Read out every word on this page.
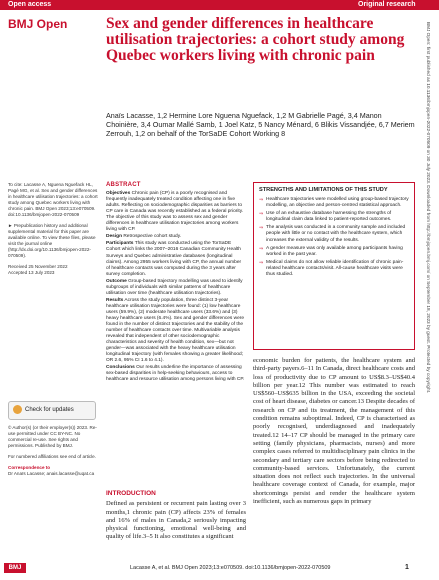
Open access	Original research
BMJ Open Sex and gender differences in healthcare utilisation trajectories: a cohort study among Quebec workers living with chronic pain
Anaïs Lacasse, 1,2 Hermine Lore Nguena Nguefack, 1,2 M Gabrielle Pagé, 3,4 Manon Choinière, 3,4 Oumar Mallé Samb, 1 Joel Katz, 5 Nancy Ménard, 6 Blikis Vissandjée, 6,7 Meriem Zerrouh, 1,2 on behalf of the TorSaDE Cohort Working 8

To cite: Lacasse A, Nguena Nguefack HL, Pagé MG, et al. Sex and gender differences in healthcare utilisation trajectories: a cohort study among Quebec workers living with chronic pain. BMJ Open 2023;13:e070509. doi:10.1136/bmjopen-2022-070509

► Prepublication history and additional supplemental material for this paper are available online. To view these files, please visit the journal online (http://dx.doi.org/10.1136/bmjopen-2022-070509).

Received 25 November 2022
Accepted 13 July 2023

Check for updates

© Author(s) (or their employer(s)) 2023. Re-use permitted under CC BY-NC. No commercial re-use. See rights and permissions. Published by BMJ.

For numbered affiliations see end of article.

Correspondence to

Dr Anaïs Lacasse; anais.lacasse@uqat.ca

ABSTRACT

Objectives Chronic pain (CP) is a poorly recognised and frequently inadequately treated condition affecting one in five adults. Reflecting on sociodemographic disparities as barriers to CP care in Canada was recently established as a federal priority. The objective of this study was to assess sex and gender differences in healthcare utilisation trajectories among workers living with CP.

Design Retrospective cohort study.

Participants This study was conducted using the TorSaDE Cohort which links the 2007–2016 Canadian Community Health Surveys and Quebec administrative databases (longitudinal claims). Among 2955 workers living with CP, the annual number of healthcare contacts was computed during the 3 years after survey completion.

Outcome Group-based trajectory modelling was used to identify subgroups of individuals with similar patterns of healthcare utilisation over time (healthcare utilisation trajectories).

Results Across the study population, three distinct 3-year healthcare utilisation trajectories were found: (1) low healthcare users (59.9%), (2) moderate healthcare users (33.6%) and (3) heavy healthcare users (6.4%). Sex and gender differences were found in the number of distinct trajectories and the stability of the number of healthcare contacts over time. Multivariable analysis revealed that independent of other sociodemographic characteristics and severity of health condition, sex—but not gender—was associated with the heavy healthcare utilisation longitudinal trajectory (with females showing a greater likelihood; OR 2.6, 95% CI 1.6 to 4.1).

Conclusions Our results underline the importance of assessing sex-based disparities in help-seeking behaviours, access to healthcare and resource utilisation among persons living with CP.

STRENGTHS AND LIMITATIONS OF THIS STUDY
⇒ Healthcare trajectories were modelled using group-based trajectory modelling, an objective and person-centred statistical approach.
⇒ Use of an exhaustive database harnessing the strengths of longitudinal claim data linked to patient-reported outcomes.
⇒ The analysis was conducted in a community sample and included people with little or no contact with the healthcare system, which increases the external validity of the results.
⇒ A gender measure was only available among participants having worked in the past year.
⇒ Medical claims do not allow reliable identification of chronic pain-related healthcare contacts/visit. All-cause healthcare visits were thus studied.
INTRODUCTION
Defined as persistent or recurrent pain lasting over 3 months,1 chronic pain (CP) affects 23% of females and 16% of males in Canada,2 seriously impacting physical functioning, emotional well-being and quality of life.3–5 It also constitutes a significant
economic burden for patients, the healthcare system and third-party payers.6–11 In Canada, direct healthcare costs and loss of productivity due to CP amount to US$8.3–US$40.4 billion per year.12 This number was estimated to reach US$560–US$635 billion in the USA, exceeding the societal cost of heart disease, diabetes or cancer.13 Despite decades of research on CP and its treatment, the management of this condition remains suboptimal. Indeed, CP is characterised as poorly recognised, underdiagnosed and inadequately treated.12 14–17 CP should be managed in the primary care setting (family physicians, pharmacists, nurses) and more complex cases referred to multidisciplinary pain clinics in the secondary and tertiary care sectors before being redirected to community-based services. Unfortunately, the current situation does not reflect such trajectories. In the universal healthcare coverage context of Canada, for example, major shortcomings persist and render the healthcare system inefficient, such as numerous gaps in primary
BMJ Open: first published as 10.1136/bmjopen-2022-070509 on 30 July 2023. Downloaded from http://bmjopen.bmj.com/ on September 18, 2023 by guest. Protected by copyright.
BMJ	Lacasse A, et al. BMJ Open 2023;13:e070509. doi:10.1136/bmjopen-2022-070509	1
